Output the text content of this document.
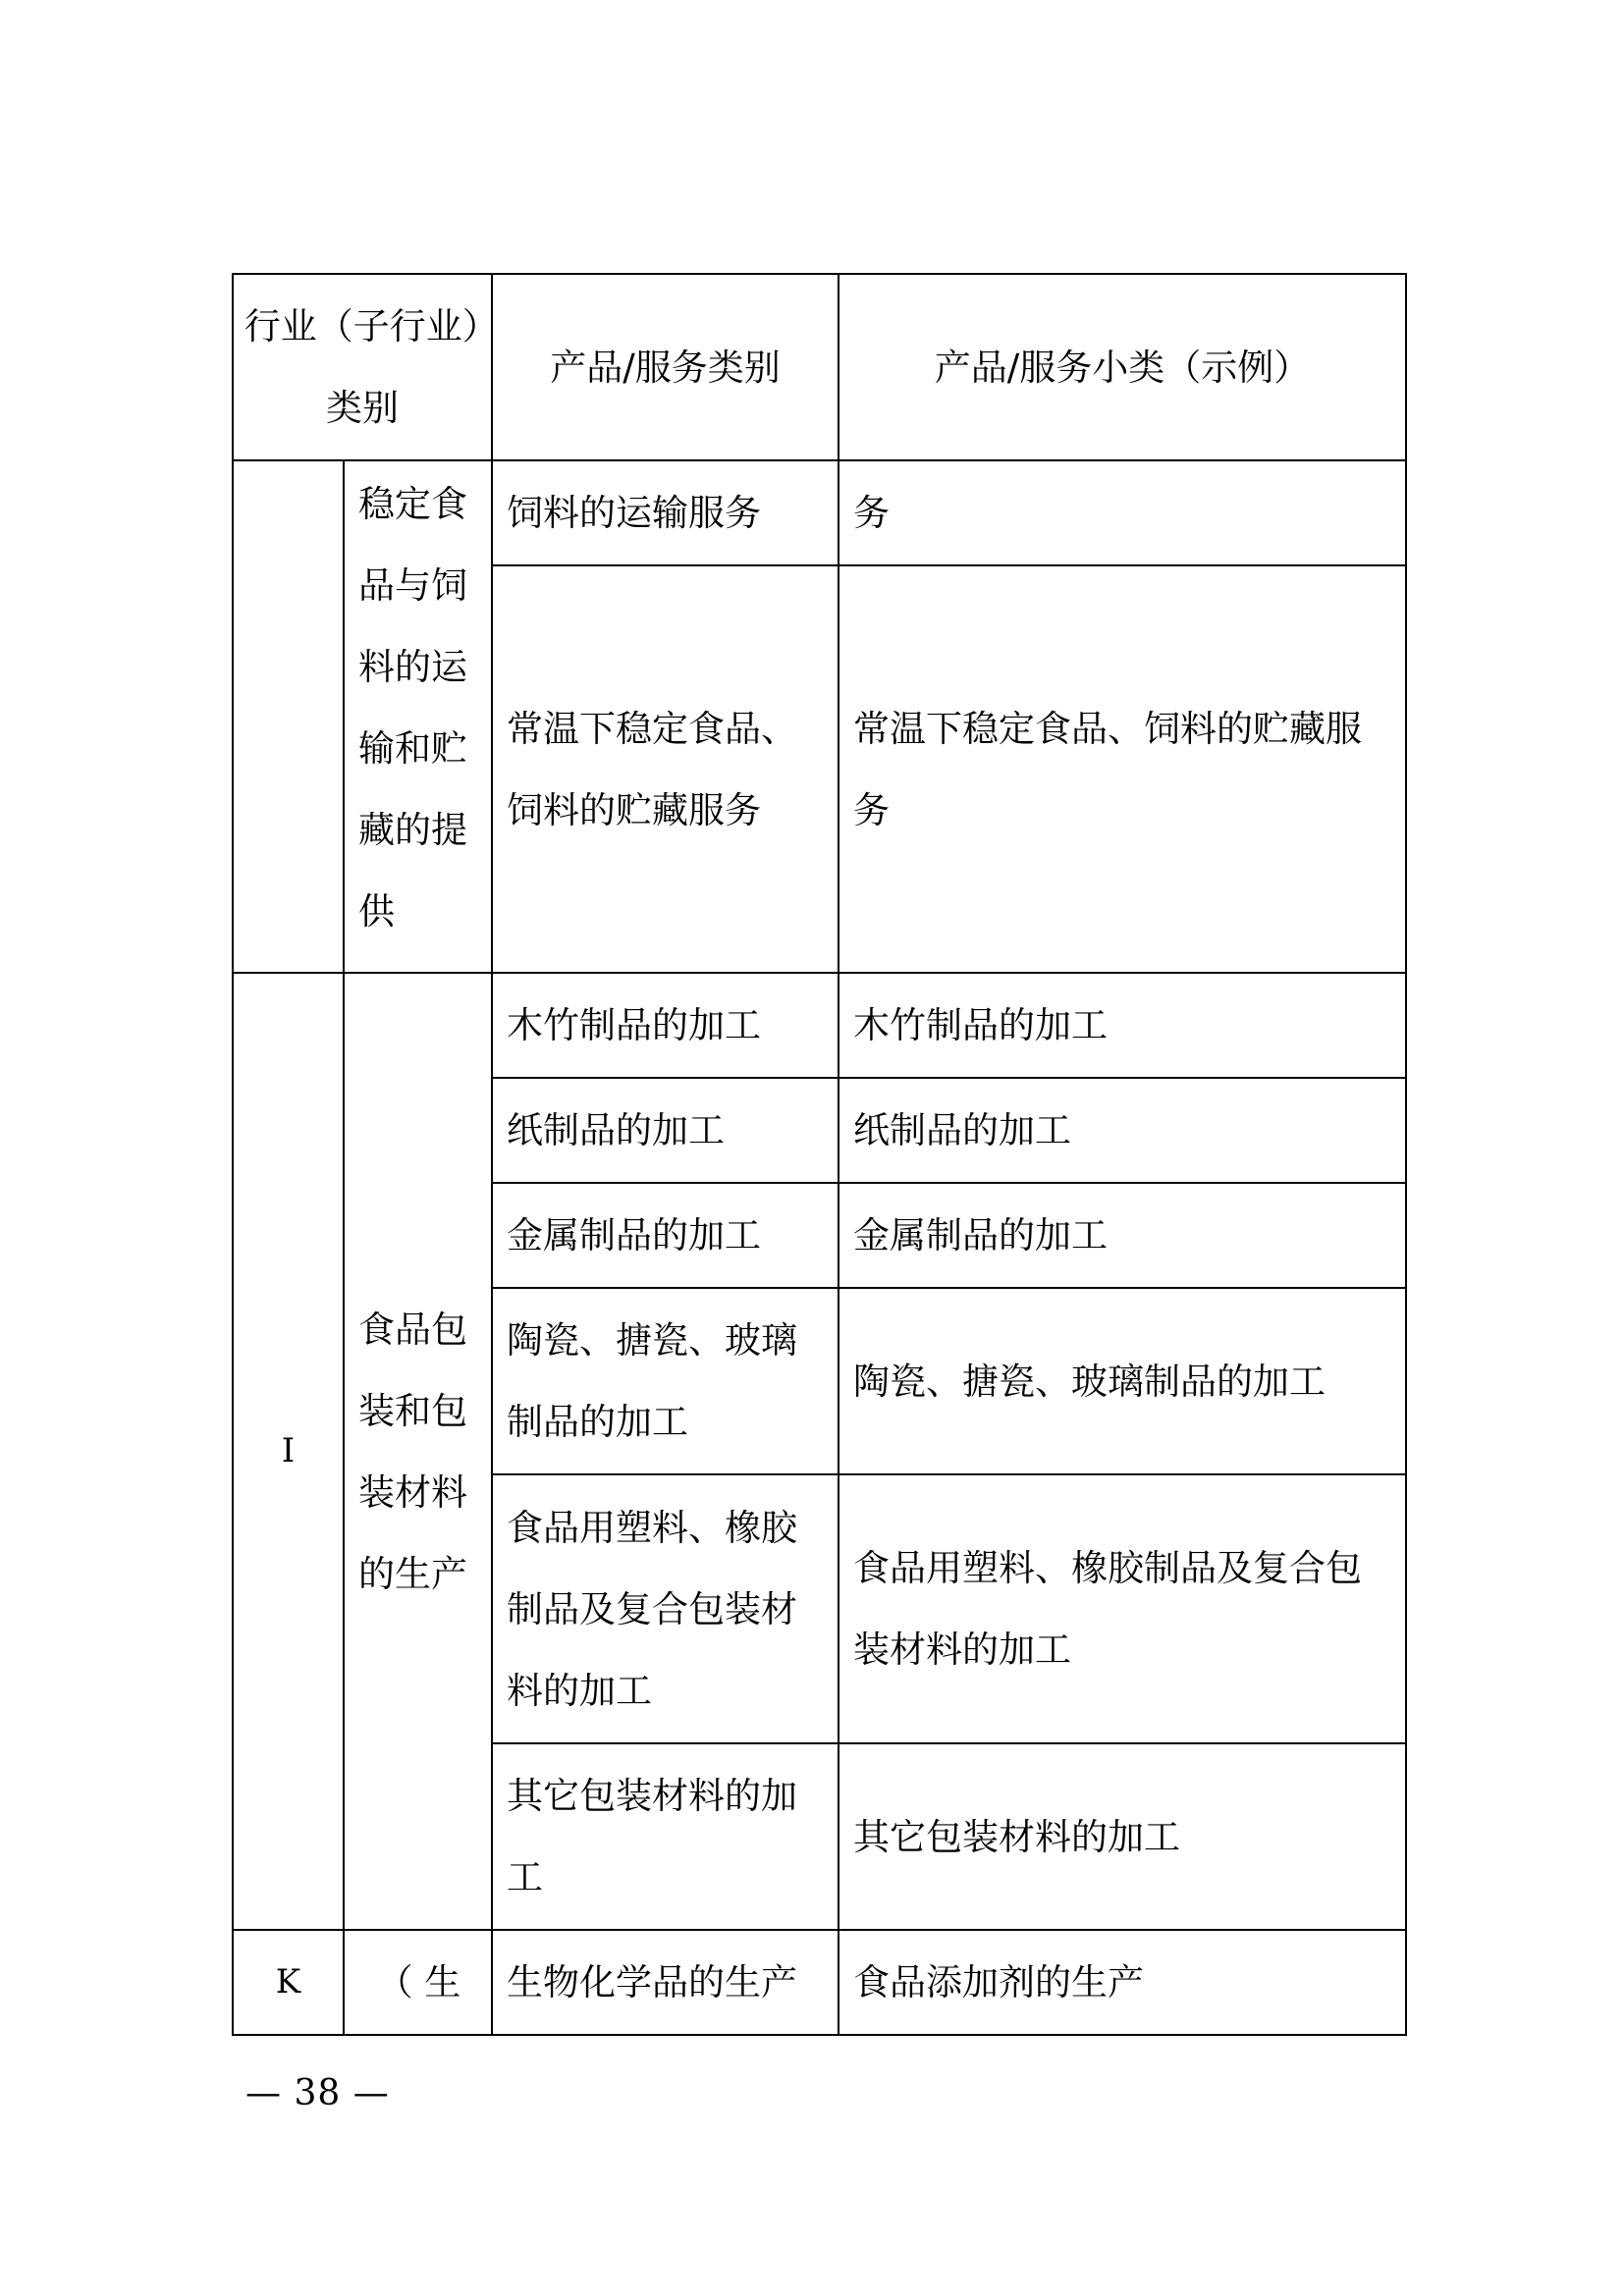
行业（子行业）类别		产品/服务类别	产品/服务小类（示例）
	稳定食品与饲料的运输和贮藏的提供	饲料的运输服务	务
		常温下稳定食品、饲料的贮藏服务	常温下稳定食品、饲料的贮藏服务
I	食品包装和包装材料的生产	木竹制品的加工	木竹制品的加工
		纸制品的加工	纸制品的加工
		金属制品的加工	金属制品的加工
		陶瓷、搪瓷、玻璃制品的加工	陶瓷、搪瓷、玻璃制品的加工
		食品用塑料、橡胶制品及复合包装材料的加工	食品用塑料、橡胶制品及复合包装材料的加工
		其它包装材料的加工	其它包装材料的加工
K	（ 生	生物化学品的生产	食品添加剂的生产
— 38 —
